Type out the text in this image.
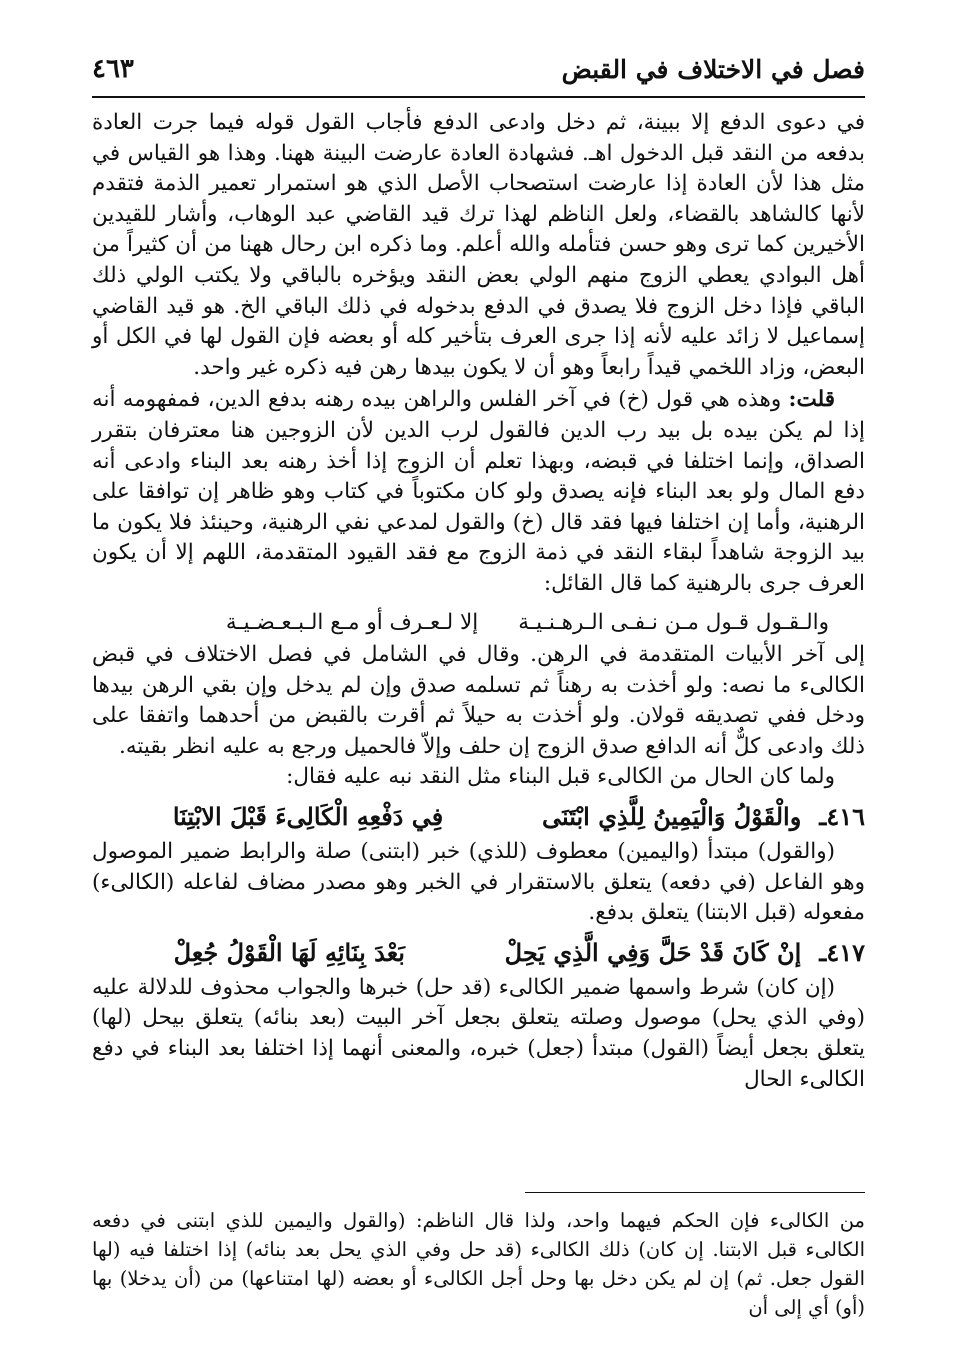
فصل في الاختلاف في القبض
٤٦٣

في دعوى الدفع إلا ببينة، ثم دخل وادعى الدفع فأجاب القول قوله فيما جرت العادة بدفعه من النقد قبل الدخول اهـ. فشهادة العادة عارضت البينة ههنا. وهذا هو القياس في مثل هذا لأن العادة إذا عارضت استصحاب الأصل الذي هو استمرار تعمير الذمة فتقدم لأنها كالشاهد بالقضاء، ولعل الناظم لهذا ترك قيد القاضي عبد الوهاب، وأشار للقيدين الأخيرين كما ترى وهو حسن فتأمله والله أعلم. وما ذكره ابن رحال ههنا من أن كثيراً من أهل البوادي يعطي الزوج منهم الولي بعض النقد ويؤخره بالباقي ولا يكتب الولي ذلك الباقي فإذا دخل الزوج فلا يصدق في الدفع بدخوله في ذلك الباقي الخ. هو قيد القاضي إسماعيل لا زائد عليه لأنه إذا جرى العرف بتأخير كله أو بعضه فإن القول لها في الكل أو البعض، وزاد اللخمي قيداً رابعاً وهو أن لا يكون بيدها رهن فيه ذكره غير واحد.

قلت: وهذه هي قول (خ) في آخر الفلس والراهن بيده رهنه بدفع الدين، فمفهومه أنه إذا لم يكن بيده بل بيد رب الدين فالقول لرب الدين لأن الزوجين هنا معترفان بتقرر الصداق، وإنما اختلفا في قبضه، وبهذا تعلم أن الزوج إذا أخذ رهنه بعد البناء وادعى أنه دفع المال ولو بعد البناء فإنه يصدق ولو كان مكتوباً في كتاب وهو ظاهر إن توافقا على الرهنية، وأما إن اختلفا فيها فقد قال (خ) والقول لمدعي نفي الرهنية، وحينئذ فلا يكون ما بيد الزوجة شاهداً لبقاء النقد في ذمة الزوج مع فقد القيود المتقدمة، اللهم إلا أن يكون العرف جرى بالرهنية كما قال القائل:

والـقـول قـول مـن نـفـى الـرهـنـيـة
إلا لـعـرف أو مـع الـبـعـضـيـة

إلى آخر الأبيات المتقدمة في الرهن. وقال في الشامل في فصل الاختلاف في قبض الكالىء ما نصه: ولو أخذت به رهناً ثم تسلمه صدق وإن لم يدخل وإن بقي الرهن بيدها ودخل ففي تصديقه قولان. ولو أخذت به حيلاً ثم أقرت بالقبض من أحدهما واتفقا على ذلك وادعى كلٌّ أنه الدافع صدق الزوج إن حلف وإلاّ فالحميل ورجع به عليه انظر بقيته.

ولما كان الحال من الكالىء قبل البناء مثل النقد نبه عليه فقال:

٤١٦ـ
والْقَوْلُ وَالْيَمِينُ لِلَّذِي ابْتَنَى
فِي دَفْعِهِ الْكَالِىءَ قَبْلَ الابْتِنَا

(والقول) مبتدأ (واليمين) معطوف (للذي) خبر (ابتنى) صلة والرابط ضمير الموصول وهو الفاعل (في دفعه) يتعلق بالاستقرار في الخبر وهو مصدر مضاف لفاعله (الكالىء) مفعوله (قبل الابتنا) يتعلق بدفع.

٤١٧ـ
إنْ كَانَ قَدْ حَلَّ وَفِي الَّذِي يَحِلْ
بَعْدَ بِنَائِهِ لَهَا الْقَوْلُ جُعِلْ

(إن كان) شرط واسمها ضمير الكالىء (قد حل) خبرها والجواب محذوف للدلالة عليه (وفي الذي يحل) موصول وصلته يتعلق بجعل آخر البيت (بعد بنائه) يتعلق بيحل (لها) يتعلق بجعل أيضاً (القول) مبتدأ (جعل) خبره، والمعنى أنهما إذا اختلفا بعد البناء في دفع الكالىء الحال

من الكالىء فإن الحكم فيهما واحد، ولذا قال الناظم: (والقول واليمين للذي ابتنى في دفعه الكالىء قبل الابتنا. إن كان) ذلك الكالىء (قد حل وفي الذي يحل بعد بنائه) إذا اختلفا فيه (لها القول جعل. ثم) إن لم يكن دخل بها وحل أجل الكالىء أو بعضه (لها امتناعها) من (أن يدخلا) بها (أو) أي إلى أن
